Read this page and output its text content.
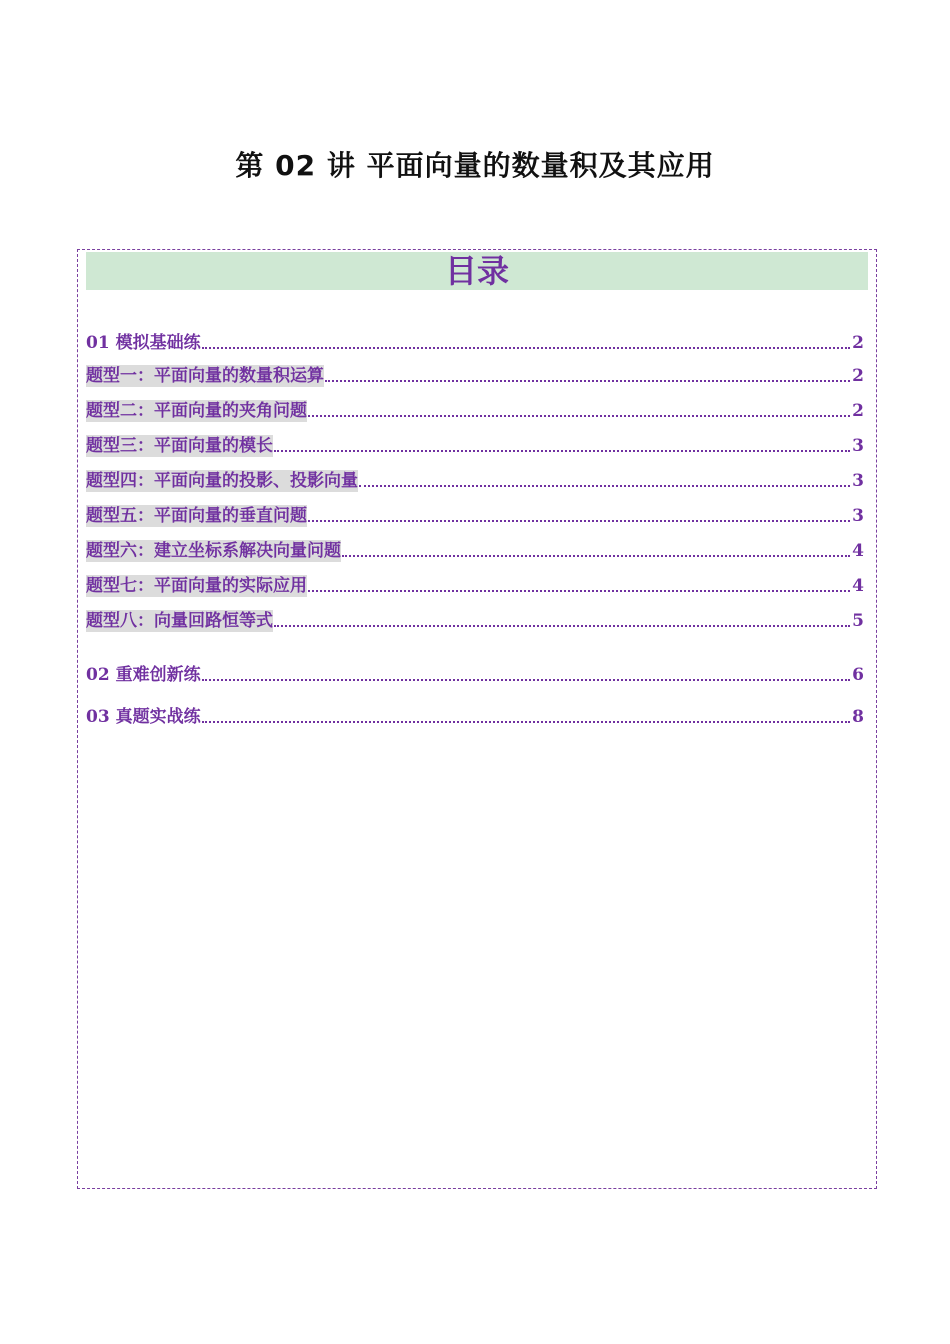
第 02 讲 平面向量的数量积及其应用
目录
01 模拟基础练	2
题型一：平面向量的数量积运算	2
题型二：平面向量的夹角问题	2
题型三：平面向量的模长	3
题型四：平面向量的投影、投影向量	3
题型五：平面向量的垂直问题	3
题型六：建立坐标系解决向量问题	4
题型七：平面向量的实际应用	4
题型八：向量回路恒等式	5
02 重难创新练	6
03 真题实战练	8
